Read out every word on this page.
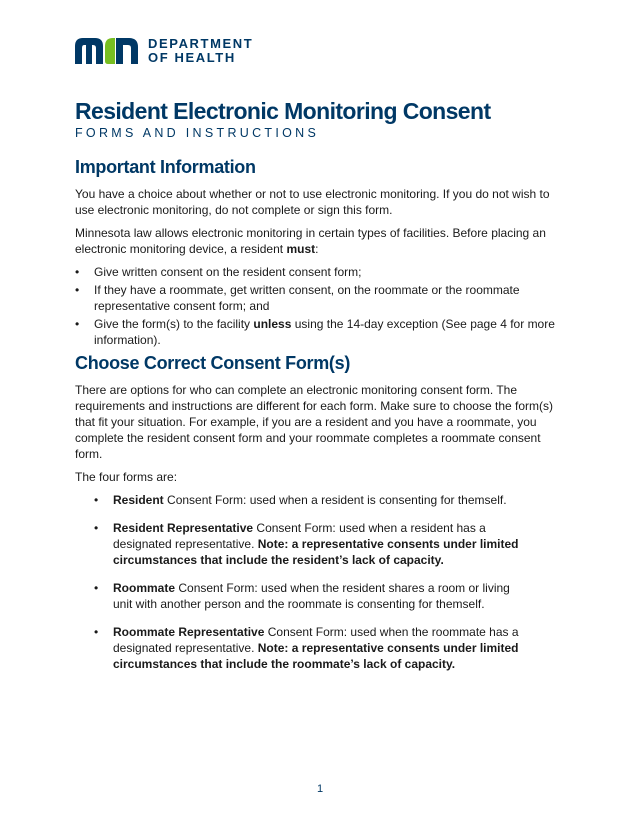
DEPARTMENT
OF HEALTH
Resident Electronic Monitoring Consent
FORMS AND INSTRUCTIONS
Important Information

You have a choice about whether or not to use electronic monitoring. If you do not wish to use electronic monitoring, do not complete or sign this form.

Minnesota law allows electronic monitoring in certain types of facilities. Before placing an electronic monitoring device, a resident must:

• Give written consent on the resident consent form;
• If they have a roommate, get written consent, on the roommate or the roommate representative consent form; and
• Give the form(s) to the facility unless using the 14-day exception (See page 4 for more information).
Choose Correct Consent Form(s)

There are options for who can complete an electronic monitoring consent form. The requirements and instructions are different for each form. Make sure to choose the form(s) that fit your situation. For example, if you are a resident and you have a roommate, you complete the resident consent form and your roommate completes a roommate consent form.

The four forms are:

• Resident Consent Form: used when a resident is consenting for themself.
• Resident Representative Consent Form: used when a resident has a designated representative. Note: a representative consents under limited circumstances that include the resident’s lack of capacity.
• Roommate Consent Form: used when the resident shares a room or living unit with another person and the roommate is consenting for themself.
• Roommate Representative Consent Form: used when the roommate has a designated representative. Note: a representative consents under limited circumstances that include the roommate’s lack of capacity.
1
